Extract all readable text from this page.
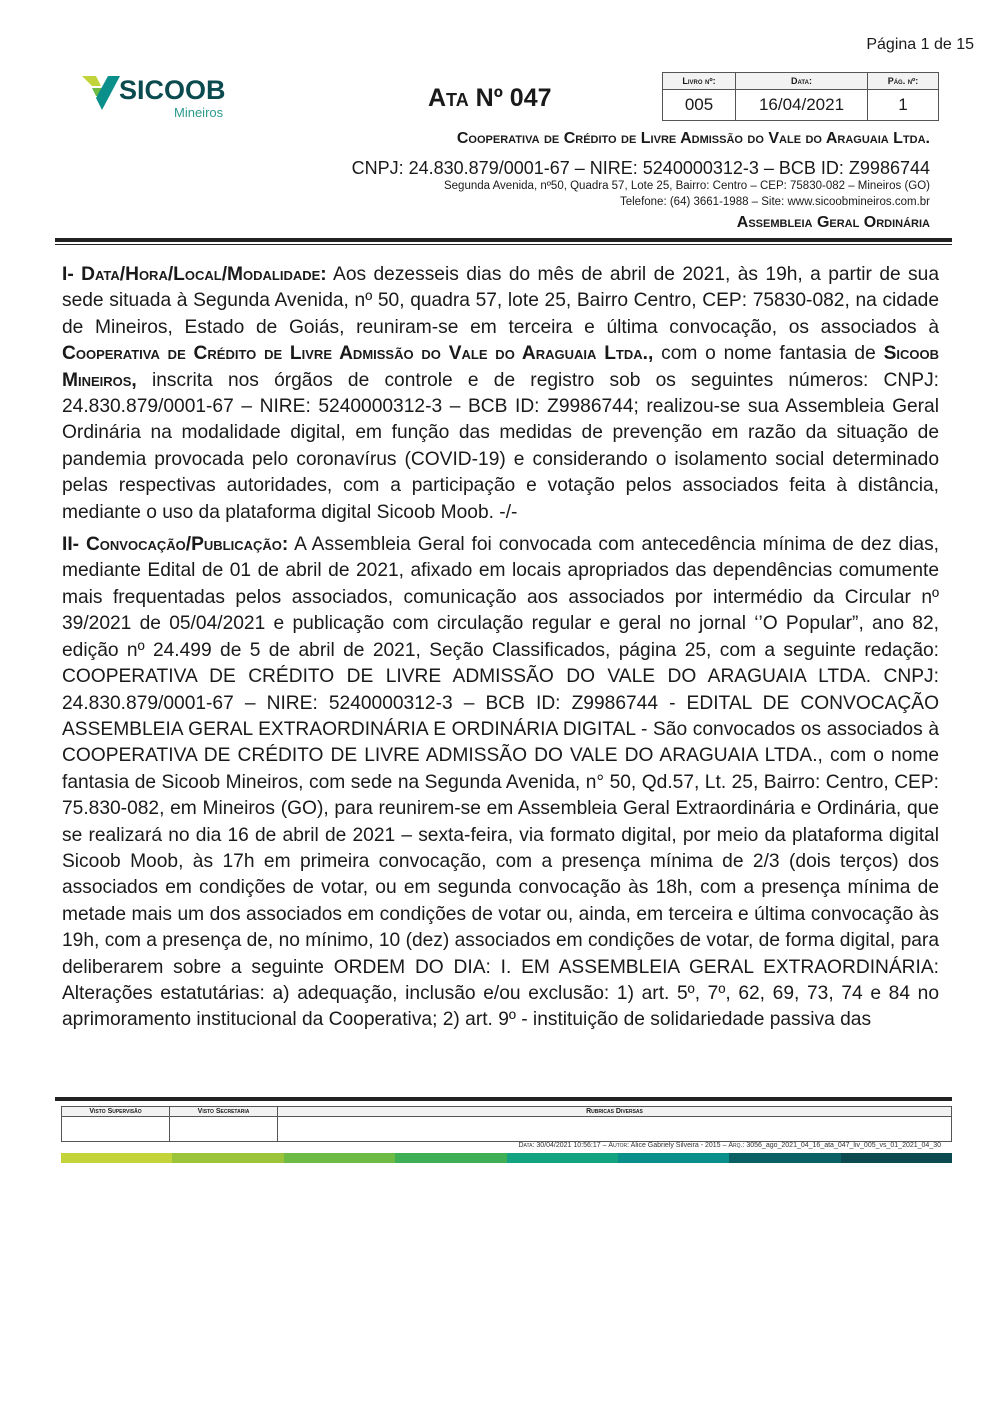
Página 1 de 15
SICOOB
Mineiros
Ata Nº 047
Livro nº:	Data:	Pág. nº:
005	16/04/2021	1
Cooperativa de Crédito de Livre Admissão do Vale do Araguaia Ltda.
CNPJ: 24.830.879/0001-67 – NIRE: 5240000312-3 – BCB ID: Z9986744
Segunda Avenida, nº50, Quadra 57, Lote 25, Bairro: Centro – CEP: 75830-082 – Mineiros (GO)
Telefone: (64) 3661-1988 – Site: www.sicoobmineiros.com.br
Assembleia Geral Ordinária

I- Data/Hora/Local/Modalidade: Aos dezesseis dias do mês de abril de 2021, às 19h, a partir de sua sede situada à Segunda Avenida, nº 50, quadra 57, lote 25, Bairro Centro, CEP: 75830-082, na cidade de Mineiros, Estado de Goiás, reuniram-se em terceira e última convocação, os associados à Cooperativa de Crédito de Livre Admissão do Vale do Araguaia Ltda., com o nome fantasia de Sicoob Mineiros, inscrita nos órgãos de controle e de registro sob os seguintes números: CNPJ: 24.830.879/0001-67 – NIRE: 5240000312-3 – BCB ID: Z9986744; realizou-se sua Assembleia Geral Ordinária na modalidade digital, em função das medidas de prevenção em razão da situação de pandemia provocada pelo coronavírus (COVID-19) e considerando o isolamento social determinado pelas respectivas autoridades, com a participação e votação pelos associados feita à distância, mediante o uso da plataforma digital Sicoob Moob. -/-

II- Convocação/Publicação: A Assembleia Geral foi convocada com antecedência mínima de dez dias, mediante Edital de 01 de abril de 2021, afixado em locais apropriados das dependências comumente mais frequentadas pelos associados, comunicação aos associados por intermédio da Circular nº 39/2021 de 05/04/2021 e publicação com circulação regular e geral no jornal ‘’O Popular”, ano 82, edição nº 24.499 de 5 de abril de 2021, Seção Classificados, página 25, com a seguinte redação: COOPERATIVA DE CRÉDITO DE LIVRE ADMISSÃO DO VALE DO ARAGUAIA LTDA. CNPJ: 24.830.879/0001-67 – NIRE: 5240000312-3 – BCB ID: Z9986744 - EDITAL DE CONVOCAÇÃO ASSEMBLEIA GERAL EXTRAORDINÁRIA E ORDINÁRIA DIGITAL - São convocados os associados à COOPERATIVA DE CRÉDITO DE LIVRE ADMISSÃO DO VALE DO ARAGUAIA LTDA., com o nome fantasia de Sicoob Mineiros, com sede na Segunda Avenida, n° 50, Qd.57, Lt. 25, Bairro: Centro, CEP: 75.830-082, em Mineiros (GO), para reunirem-se em Assembleia Geral Extraordinária e Ordinária, que se realizará no dia 16 de abril de 2021 – sexta-feira, via formato digital, por meio da plataforma digital Sicoob Moob, às 17h em primeira convocação, com a presença mínima de 2/3 (dois terços) dos associados em condições de votar, ou em segunda convocação às 18h, com a presença mínima de metade mais um dos associados em condições de votar ou, ainda, em terceira e última convocação às 19h, com a presença de, no mínimo, 10 (dez) associados em condições de votar, de forma digital, para deliberarem sobre a seguinte ORDEM DO DIA: I. EM ASSEMBLEIA GERAL EXTRAORDINÁRIA: Alterações estatutárias: a) adequação, inclusão e/ou exclusão: 1) art. 5º, 7º, 62, 69, 73, 74 e 84 no aprimoramento institucional da Cooperativa; 2) art. 9º - instituição de solidariedade passiva das

Visto Supervisão	Visto Secretaria	Rubricas Diversas

Data: 30/04/2021 10:56:17 – Autor: Alice Gabriely Silveira - 2015 – Arq.: 3056_ago_2021_04_16_ata_047_liv_005_vs_01_2021_04_30
